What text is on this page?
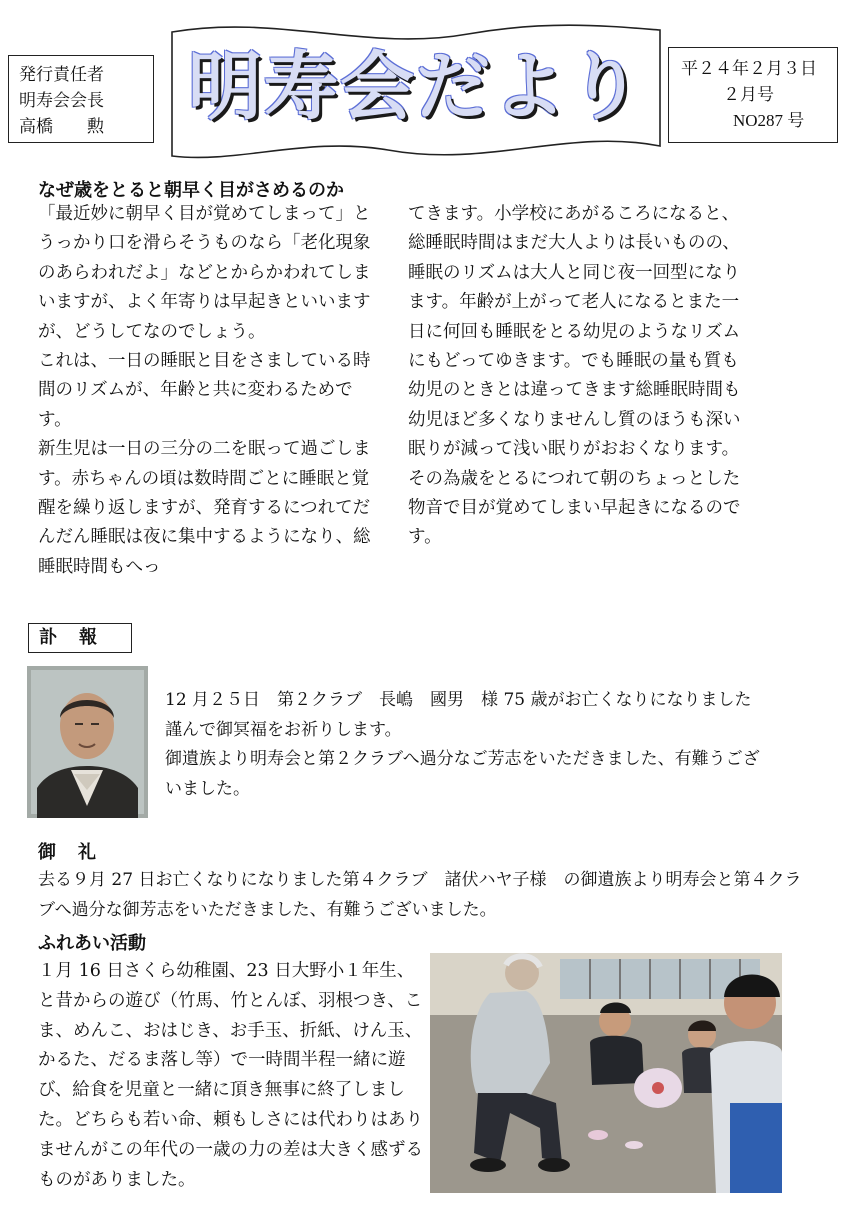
発行責任者
明寿会会長
高橋　　勲	明寿会だより	平２４年２月３日
２月号
NO287 号
なぜ歳をとると朝早く目がさめるのか

「最近妙に朝早く目が覚めてしまって」とうっかり口を滑らそうものなら「老化現象のあらわれだよ」などとからかわれてしまいますが、よく年寄りは早起きといいますが、どうしてなのでしょう。

これは、一日の睡眠と目をさましている時間のリズムが、年齢と共に変わるためです。

新生児は一日の三分の二を眠って過ごします。赤ちゃんの頃は数時間ごとに睡眠と覚醒を繰り返しますが、発育するにつれてだんだん睡眠は夜に集中するようになり、総睡眠時間もへっ

てきます。小学校にあがるころになると、総睡眠時間はまだ大人よりは長いものの、睡眠のリズムは大人と同じ夜一回型になります。年齢が上がって老人になるとまた一日に何回も睡眠をとる幼児のようなリズムにもどってゆきます。でも睡眠の量も質も幼児のときとは違ってきます総睡眠時間も幼児ほど多くなりませんし質のほうも深い眠りが減って浅い眠りがおおくなります。その為歳をとるにつれて朝のちょっとした物音で目が覚めてしまい早起きになるのです。

訃　報

12 月２５日　第２クラブ　長嶋　國男　様 75 歳がお亡くなりになりました謹んで御冥福をお祈りします。

御遺族より明寿会と第２クラブへ過分なご芳志をいただきました、有難うございました。

御　礼

去る９月 27 日お亡くなりになりました第４クラブ　諸伏ハヤ子様　の御遺族より明寿会と第４クラブへ過分な御芳志をいただきました、有難うございました。

ふれあい活動

１月 16 日さくら幼稚園、23 日大野小１年生、と昔からの遊び（竹馬、竹とんぼ、羽根つき、こま、めんこ、おはじき、お手玉、折紙、けん玉、かるた、だるま落し等）で一時間半程一緒に遊び、給食を児童と一緒に頂き無事に終了しました。どちらも若い命、頼もしさには代わりはありませんがこの年代の一歳の力の差は大きく感ずるものがありました。
